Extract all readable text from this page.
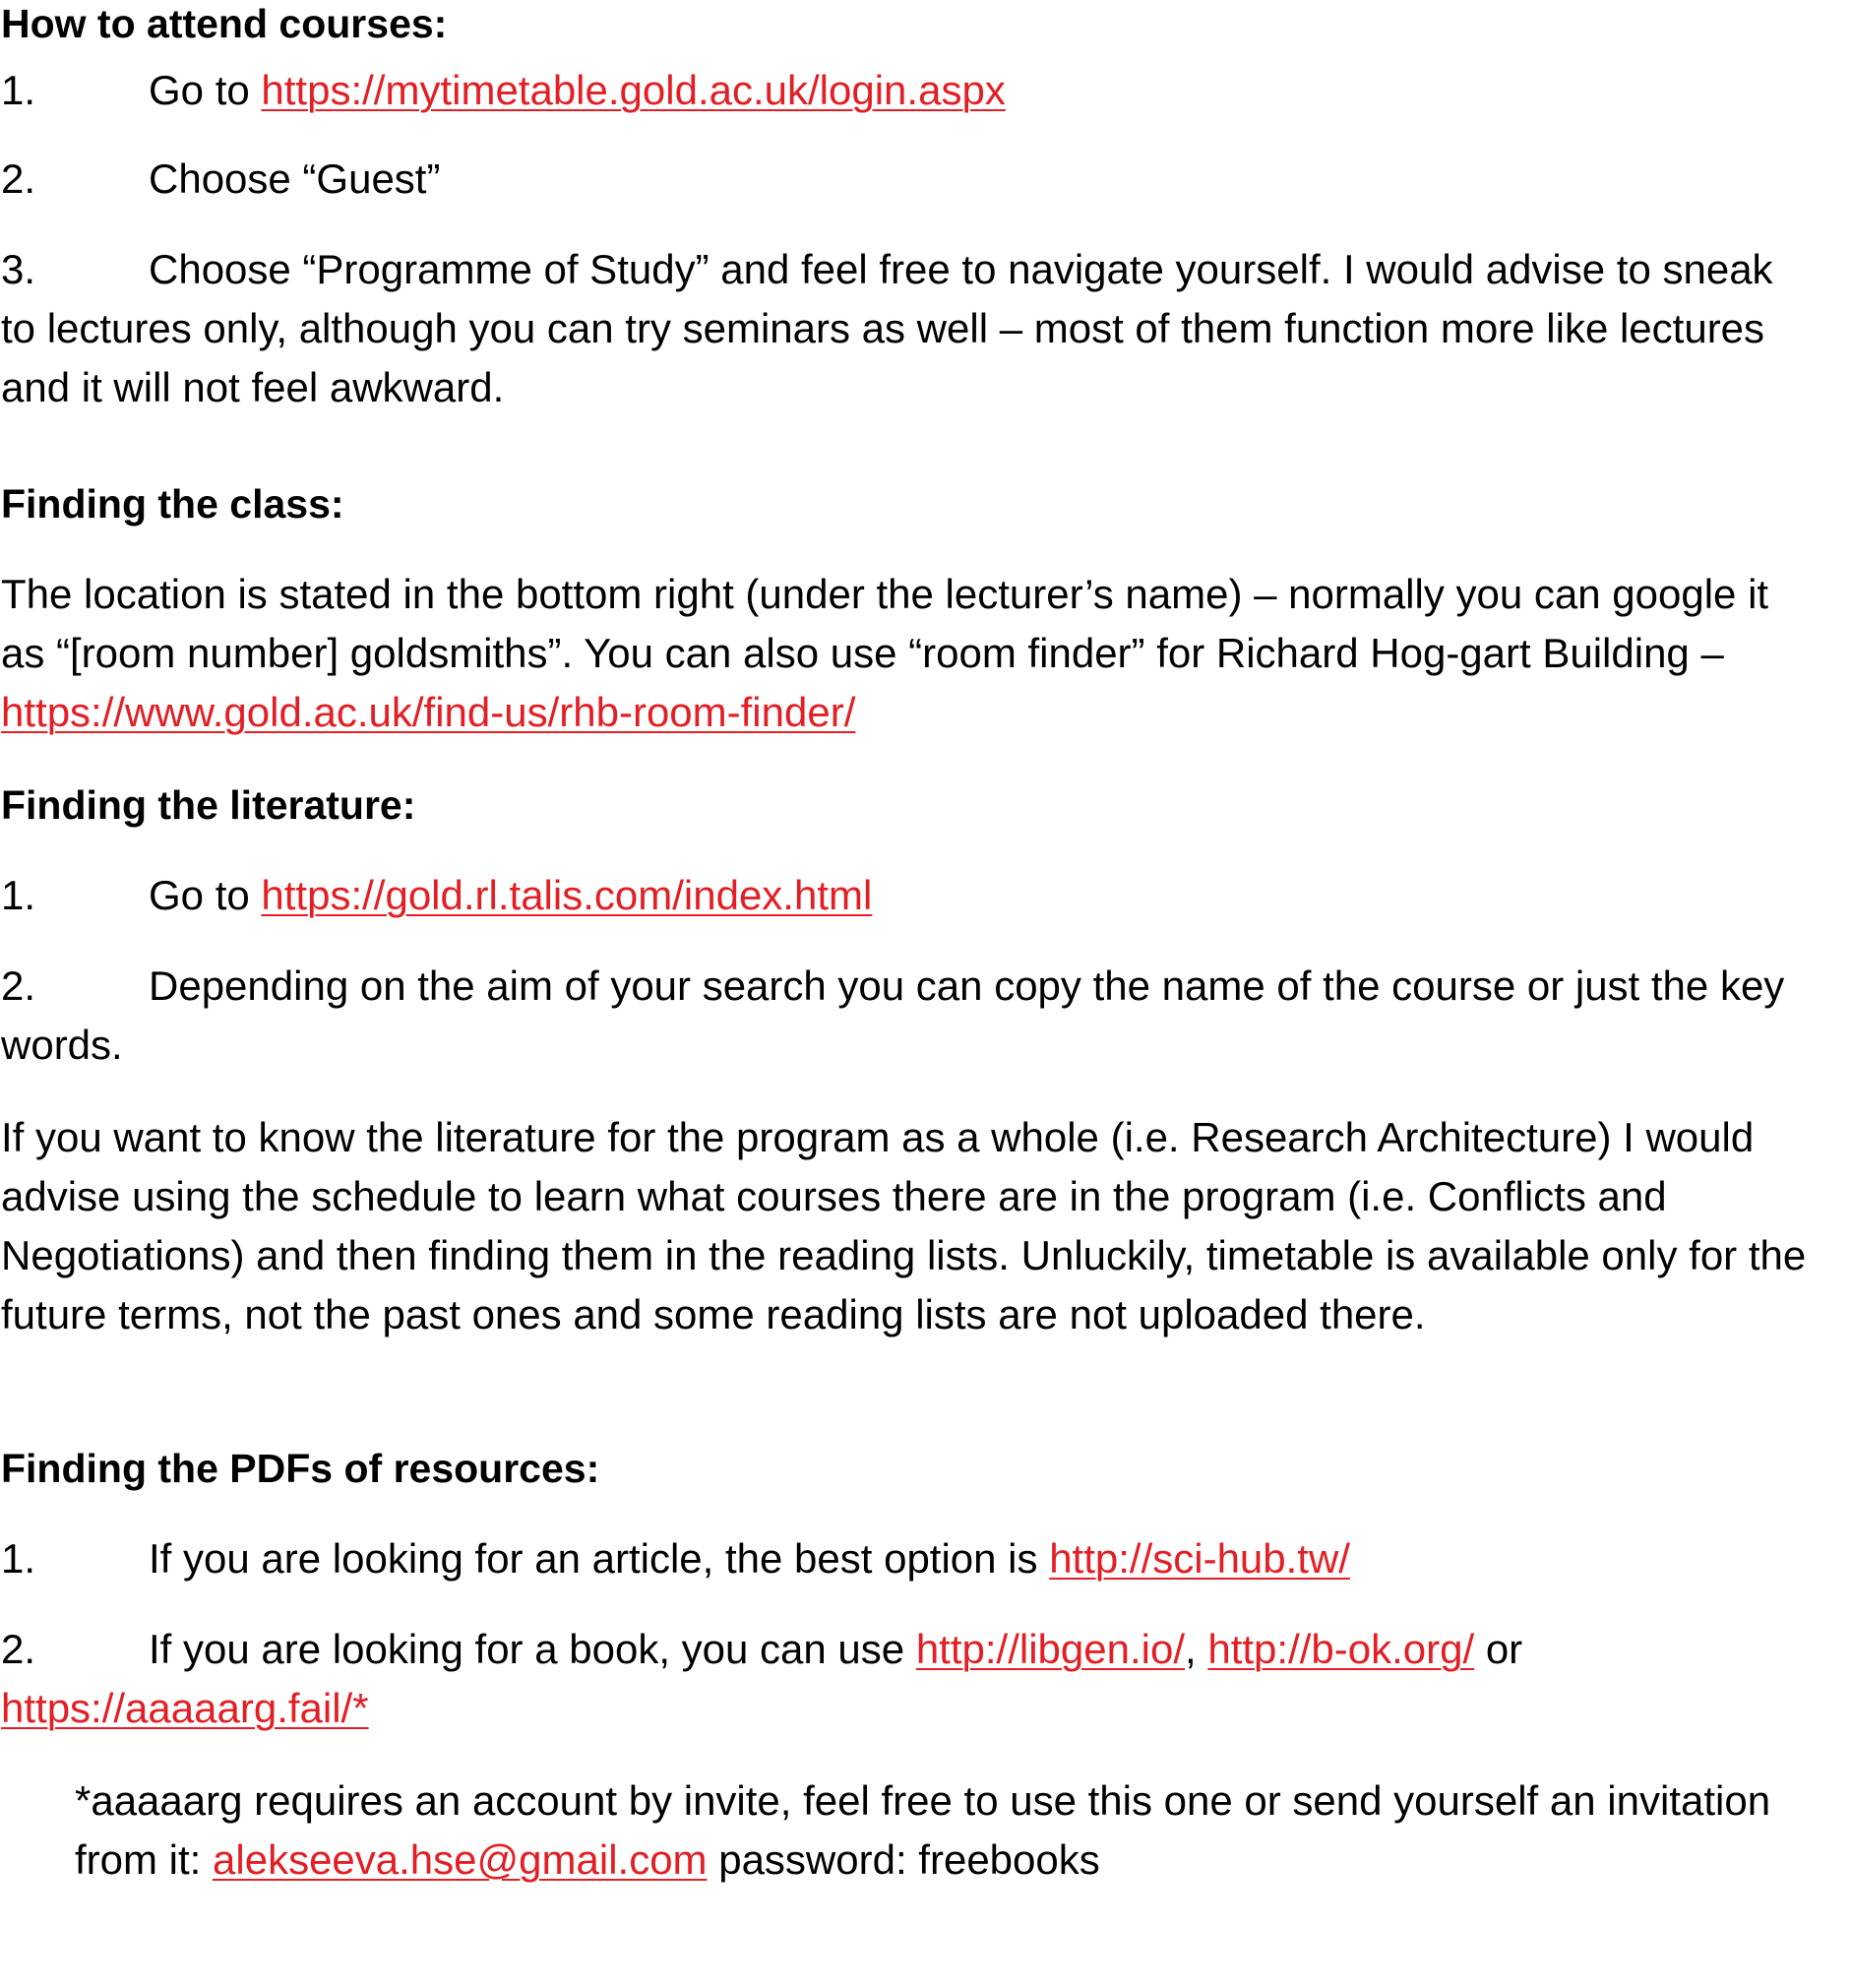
How to attend courses:

1.	Go to https://mytimetable.gold.ac.uk/login.aspx

2.	Choose “Guest”

3.	Choose “Programme of Study” and feel free to navigate yourself. I would advise to sneak to lectures only, although you can try seminars as well – most of them function more like lectures and it will not feel awkward.

Finding the class:

The location is stated in the bottom right (under the lecturer’s name) – normally you can google it as “[room number] goldsmiths”. You can also use “room finder” for Richard Hog-gart Building – https://www.gold.ac.uk/find-us/rhb-room-finder/

Finding the literature:

1.	Go to https://gold.rl.talis.com/index.html

2.	Depending on the aim of your search you can copy the name of the course or just the key words.

If you want to know the literature for the program as a whole (i.e. Research Architecture) I would advise using the schedule to learn what courses there are in the program (i.e. Conflicts and Negotiations) and then finding them in the reading lists. Unluckily, timetable is available only for the future terms, not the past ones and some reading lists are not uploaded there.

Finding the PDFs of resources:

1.	If you are looking for an article, the best option is http://sci-hub.tw/

2.	If you are looking for a book, you can use http://libgen.io/, http://b-ok.org/ or https://aaaaarg.fail/*

*aaaaarg requires an account by invite, feel free to use this one or send yourself an invitation from it: alekseeva.hse@gmail.com password: freebooks
